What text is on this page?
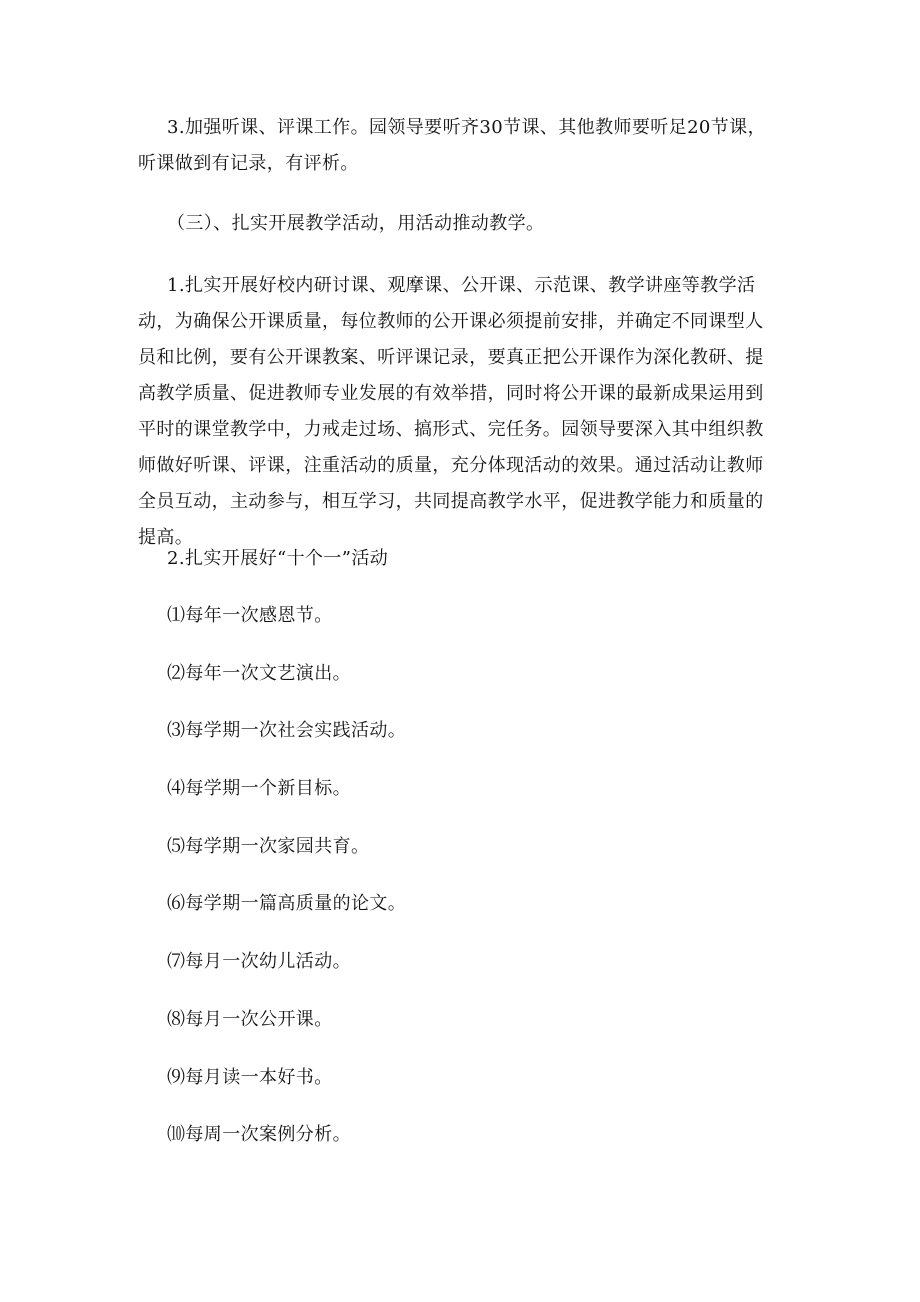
3.加强听课、评课工作。园领导要听齐30节课、其他教师要听足20节课，听课做到有记录，有评析。

（三）、扎实开展教学活动，用活动推动教学。

1.扎实开展好校内研讨课、观摩课、公开课、示范课、教学讲座等教学活动，为确保公开课质量，每位教师的公开课必须提前安排，并确定不同课型人员和比例，要有公开课教案、听评课记录，要真正把公开课作为深化教研、提高教学质量、促进教师专业发展的有效举措，同时将公开课的最新成果运用到平时的课堂教学中，力戒走过场、搞形式、完任务。园领导要深入其中组织教师做好听课、评课，注重活动的质量，充分体现活动的效果。通过活动让教师全员互动，主动参与，相互学习，共同提高教学水平，促进教学能力和质量的提高。

2.扎实开展好“十个一”活动

⑴每年一次感恩节。

⑵每年一次文艺演出。

⑶每学期一次社会实践活动。

⑷每学期一个新目标。

⑸每学期一次家园共育。

⑹每学期一篇高质量的论文。

⑺每月一次幼儿活动。

⑻每月一次公开课。

⑼每月读一本好书。

⑽每周一次案例分析。
